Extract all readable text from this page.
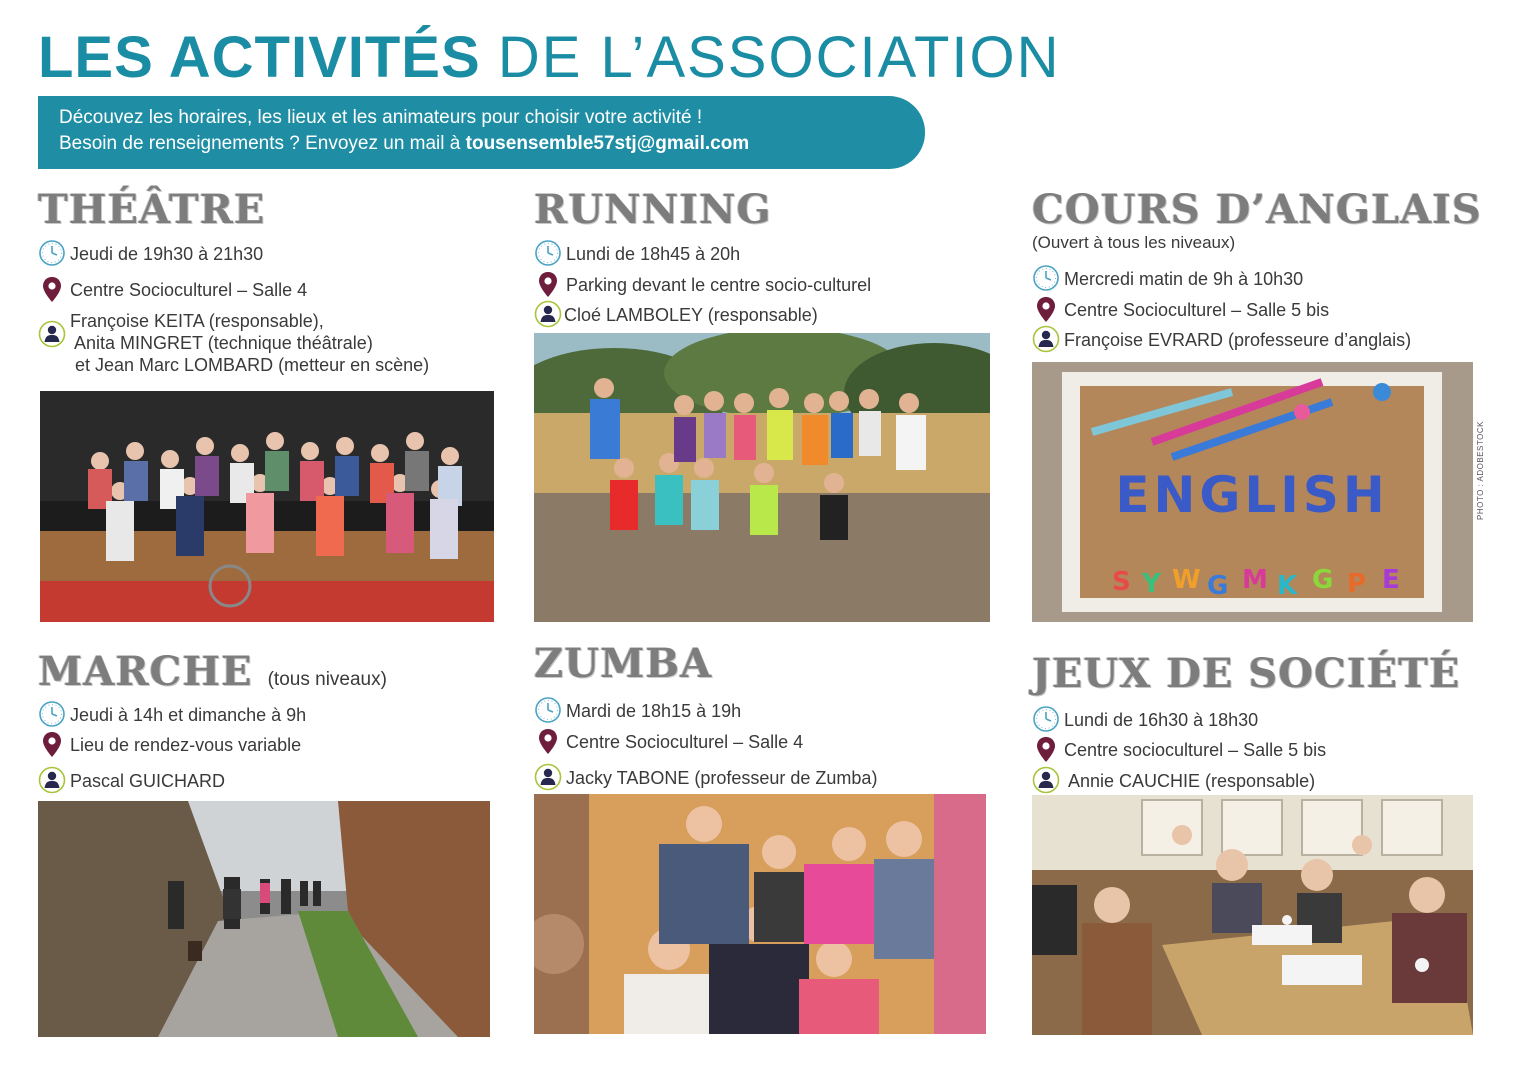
LES ACTIVITÉS DE L’ASSOCIATION
Découvez les horaires, les lieux et les animateurs pour choisir votre activité !
Besoin de renseignements ? Envoyez un mail à tousensemble57stj@gmail.com
THÉÂTRE
Jeudi de 19h30 à 21h30
Centre Socioculturel – Salle 4
Françoise KEITA (responsable),
Anita MINGRET (technique théâtrale)
et Jean Marc LOMBARD (metteur en scène)
RUNNING
Lundi de 18h45 à 20h
Parking devant le centre socio-culturel
Cloé LAMBOLEY (responsable)
COURS D’ANGLAIS
(Ouvert à tous les niveaux)
Mercredi matin de 9h à 10h30
Centre Socioculturel – Salle 5 bis
Françoise EVRARD (professeure d’anglais)
ENGLISH
S Y W G M K G P E
PHOTO : ADOBESTOCK
MARCHE (tous niveaux)
Jeudi à 14h et dimanche à 9h
Lieu de rendez-vous variable
Pascal GUICHARD
ZUMBA
Mardi de 18h15 à 19h
Centre Socioculturel – Salle 4
Jacky TABONE (professeur de Zumba)
JEUX DE SOCIÉTÉ
Lundi de 16h30 à 18h30
Centre socioculturel – Salle 5 bis
Annie CAUCHIE (responsable)
